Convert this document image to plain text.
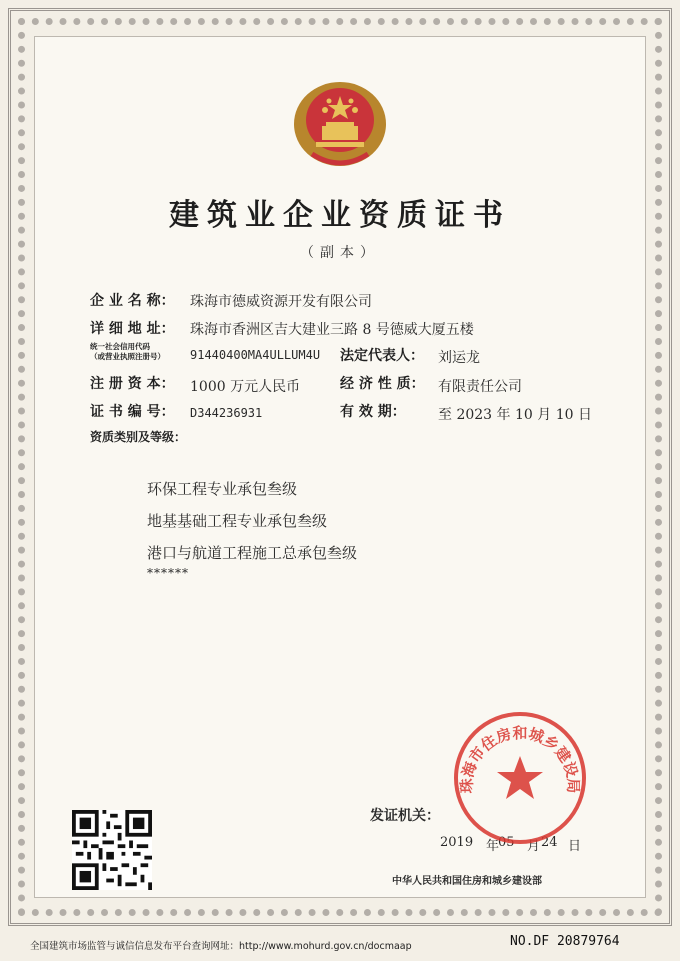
建筑业企业资质证书
（副本）
企 业 名 称： 珠海市德威资源开发有限公司
详 细 地 址： 珠海市香洲区吉大建业三路 8 号德威大厦五楼
统一社会信用代码
（或营业执照注册号） 91440400MA4ULLUM4U 法定代表人： 刘运龙
注 册 资 本： 1000 万元人民币	经 济 性 质： 有限责任公司
证 书 编 号： D344236931	有 效 期： 至 2023 年 10 月 10 日
资质类别及等级：
环保工程专业承包叁级
地基基础工程专业承包叁级
港口与航道工程施工总承包叁级
******
发证机关：
2019 年
05 月 24 日
珠海市住房和城乡建设局
中华人民共和国住房和城乡建设部
全国建筑市场监管与诚信信息发布平台查询网址：http://www.mohurd.gov.cn/docmaap	NO.DF 20879764
